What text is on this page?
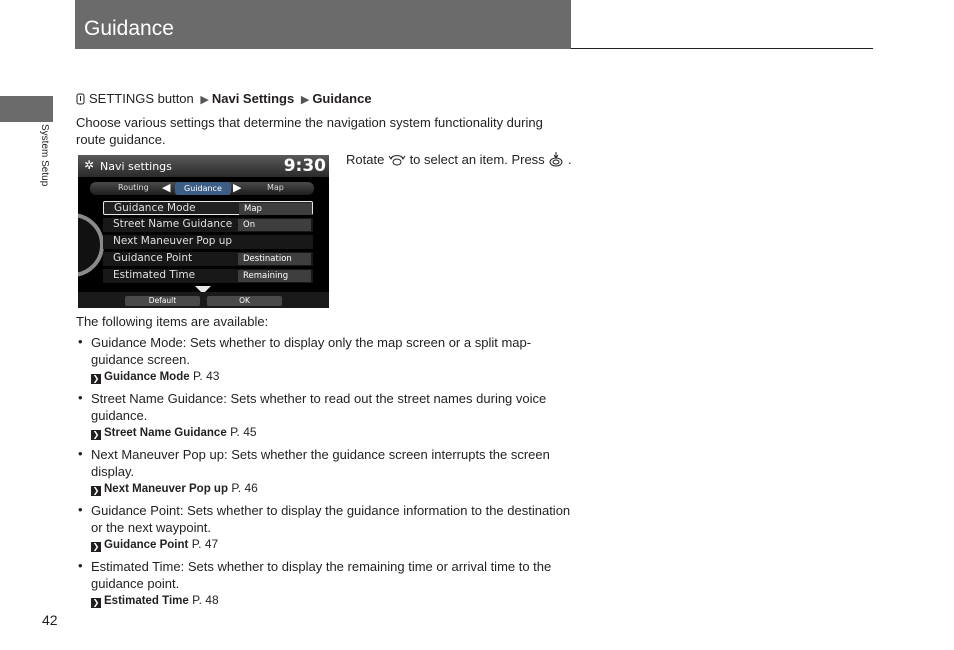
Guidance
System Setup
SETTINGS button ▶ Navi Settings ▶ Guidance
Choose various settings that determine the navigation system functionality during route guidance.
✲ Navi settings	9:30
Routing ◀	Guidance	▶	Map
Guidance Mode	Map
Street Name Guidance	On
Next Maneuver Pop up
Guidance Point	Destination
Estimated Time	Remaining
Default	OK
Rotate to select an item. Press .
The following items are available:
• Guidance Mode: Sets whether to display only the map screen or a split map-guidance screen.
❯ Guidance Mode P. 43
• Street Name Guidance: Sets whether to read out the street names during voice guidance.
❯ Street Name Guidance P. 45
• Next Maneuver Pop up: Sets whether the guidance screen interrupts the screen display.
❯ Next Maneuver Pop up P. 46
• Guidance Point: Sets whether to display the guidance information to the destination or the next waypoint.
❯ Guidance Point P. 47
• Estimated Time: Sets whether to display the remaining time or arrival time to the guidance point.
❯ Estimated Time P. 48
42
